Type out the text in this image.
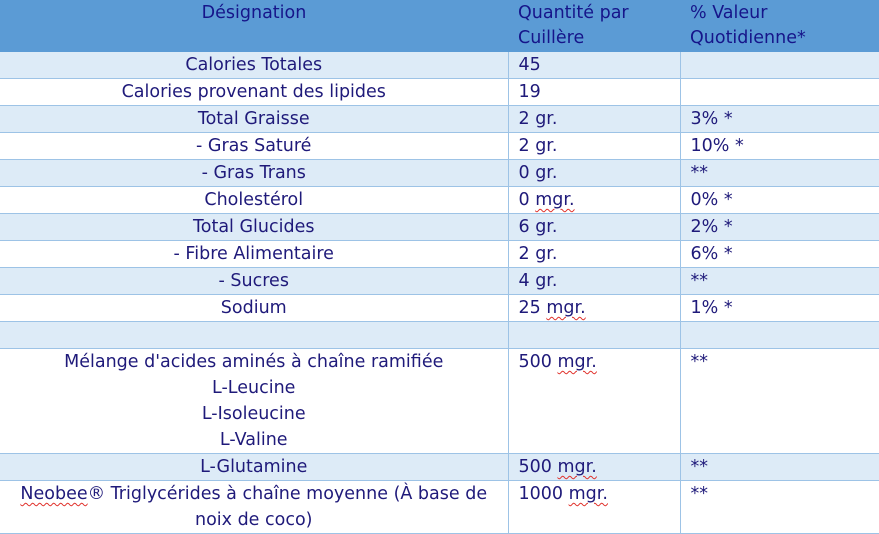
Désignation	Quantité par Cuillère	% Valeur Quotidienne*
Calories Totales	45	
Calories provenant des lipides	19	
Total Graisse	2 gr.	3% *
- Gras Saturé	2 gr.	10% *
- Gras Trans	0 gr.	**
Cholestérol	0 mgr.	0% *
Total Glucides	6 gr.	2% *
- Fibre Alimentaire	2 gr.	6% *
- Sucres	4 gr.	**
Sodium	25 mgr.	1% *

Mélange d'acides aminés à chaîne ramifiée
L-Leucine
L-Isoleucine
L-Valine	500 mgr.	**
L-Glutamine	500 mgr.	**
Neobee® Triglycérides à chaîne moyenne (À base de noix de coco)	1000 mgr.	**
